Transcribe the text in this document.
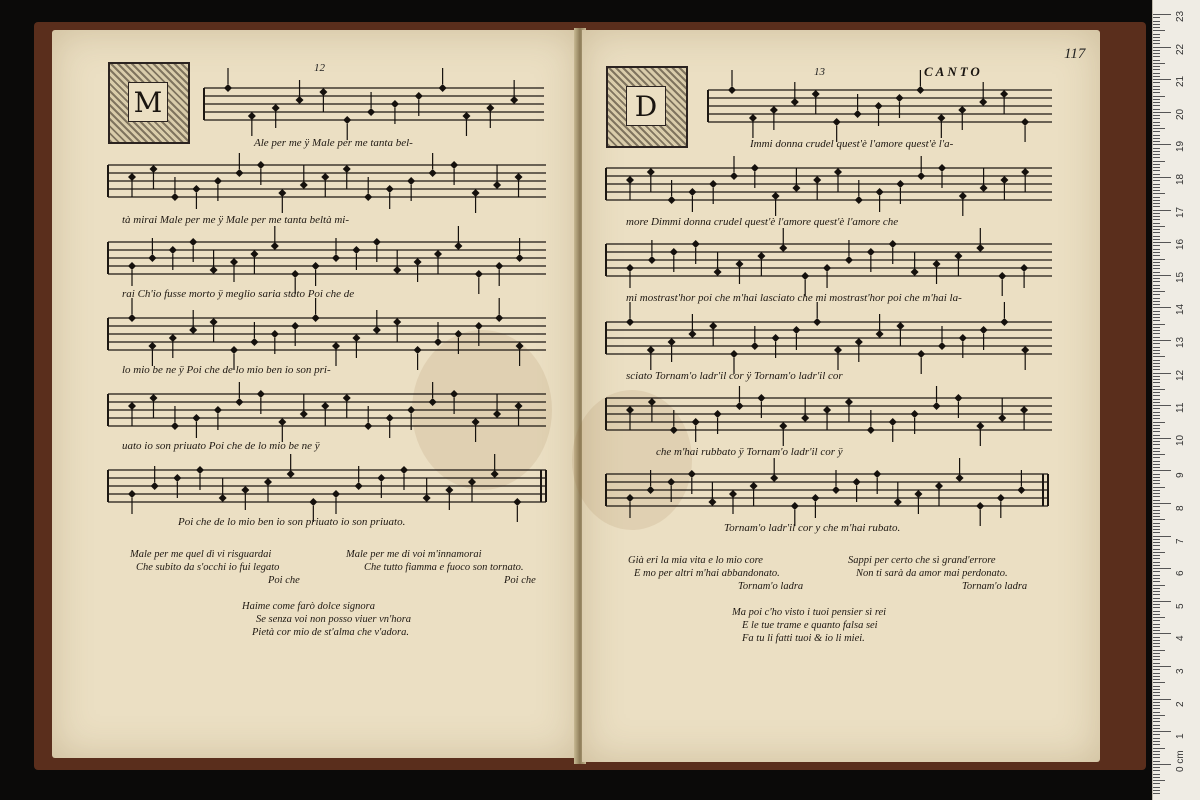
12
M
Ale per me ÿ Male per me tanta bel-
tà mirai Male per me ÿ Male per me tanta beltà mi-
rai Ch'io fusse morto ÿ meglio saria stato Poi che de
lo mio be ne ÿ Poi che de lo mio ben io son pri-
uato io son priuato Poi che de lo mio be ne ÿ
Poi che de lo mio ben io son priuato io son priuato.
Male per me quel dì vi risguardai
Che subito da s'occhi io fui legato
Poi che
Male per me di voi m'innamorai
Che tutto fiamma e fuoco son tornato.
Poi che
Haime come farò dolce signora
Se senza voi non posso viuer vn'hora
Pietà cor mio de st'alma che v'adora.
13	CANTO
117
D
Immi donna crudel quest'è l'amore quest'è l'a-
more Dimmi donna crudel quest'è l'amore quest'è l'amore che
mi mostrast'hor poi che m'hai lasciato che mi mostrast'hor poi che m'hai la-
sciato Tornam'o ladr'il cor ÿ Tornam'o ladr'il cor
che m'hai rubbato ÿ Tornam'o ladr'il cor ÿ
Tornam'o ladr'il cor y che m'hai rubato.
Già eri la mia vita e lo mio core
E mo per altri m'hai abbandonato.
Tornam'o ladra
Sappi per certo che sì grand'errore
Non ti sarà da amor mai perdonato.
Tornam'o ladra
Ma poi c'ho visto i tuoi pensier sì rei
E le tue trame e quanto falsa sei
Fa tu li fatti tuoi & io li miei.
23
22
21
20
19
18
17
16
15
14
13
12
11
10
9
8
7
6
5
4
3
2
1
0 cm
